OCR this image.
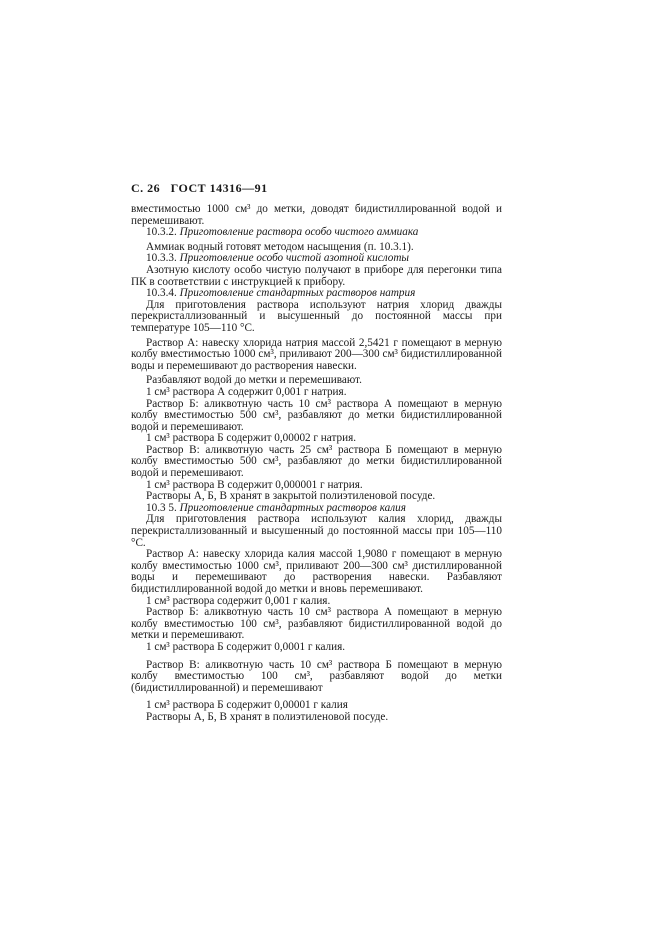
С. 26 ГОСТ 14316—91

вместимостью 1000 см³ до метки, доводят бидистиллированной водой и перемешивают.

10.3.2. Приготовление раствора особо чистого аммиака

Аммиак водный готовят методом насыщения (п. 10.3.1).

10.3.3. Приготовление особо чистой азотной кислоты

Азотную кислоту особо чистую получают в приборе для перегонки типа ПК в соответствии с инструкцией к прибору.

10.3.4. Приготовление стандартных растворов натрия

Для приготовления раствора используют натрия хлорид дважды перекристаллизованный и высушенный до постоянной массы при температуре 105—110 °С.

Раствор А: навеску хлорида натрия массой 2,5421 г помещают в мерную колбу вместимостью 1000 см³, приливают 200—300 см³ бидистиллированной воды и перемешивают до растворения навески.

Разбавляют водой до метки и перемешивают.

1 см³ раствора А содержит 0,001 г натрия.

Раствор Б: аликвотную часть 10 см³ раствора А помещают в мерную колбу вместимостью 500 см³, разбавляют до метки бидистиллированной водой и перемешивают.

1 см³ раствора Б содержит 0,00002 г натрия.

Раствор В: аликвотную часть 25 см³ раствора Б помещают в мерную колбу вместимостью 500 см³, разбавляют до метки бидистиллированной водой и перемешивают.

1 см³ раствора В содержит 0,000001 г натрия.

Растворы А, Б, В хранят в закрытой полиэтиленовой посуде.

10.3 5. Приготовление стандартных растворов калия

Для приготовления раствора используют калия хлорид, дважды перекристаллизованный и высушенный до постоянной массы при 105—110 °С.

Раствор А: навеску хлорида калия массой 1,9080 г помещают в мерную колбу вместимостью 1000 см³, приливают 200—300 см³ дистиллированной воды и перемешивают до растворения навески. Разбавляют бидистиллированной водой до метки и вновь перемешивают.

1 см³ раствора содержит 0,001 г калия.

Раствор Б: аликвотную часть 10 см³ раствора А помещают в мерную колбу вместимостью 100 см³, разбавляют бидистиллированной водой до метки и перемешивают.

1 см³ раствора Б содержит 0,0001 г калия.

Раствор В: аликвотную часть 10 см³ раствора Б помещают в мерную колбу вместимостью 100 см³, разбавляют водой до метки (бидистиллированной) и перемешивают

1 см³ раствора Б содержит 0,00001 г калия

Растворы А, Б, В хранят в полиэтиленовой посуде.
